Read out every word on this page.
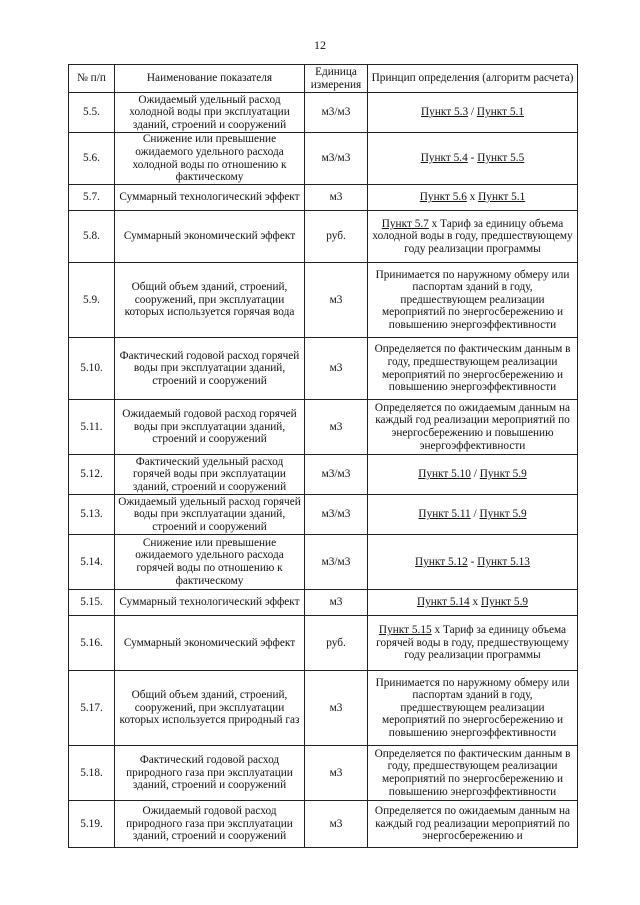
12
№ п/п	Наименование показателя	Единица измерения	Принцип определения (алгоритм расчета)
5.5.	Ожидаемый удельный расход холодной воды при эксплуатации зданий, строений и сооружений	м3/м3	Пункт 5.3 / Пункт 5.1
5.6.	Снижение или превышение ожидаемого удельного расхода холодной воды по отношению к фактическому	м3/м3	Пункт 5.4 - Пункт 5.5
5.7.	Суммарный технологический эффект	м3	Пункт 5.6 x Пункт 5.1
5.8.	Суммарный экономический эффект	руб.	Пункт 5.7 x Тариф за единицу объема холодной воды в году, предшествующему году реализации программы
5.9.	Общий объем зданий, строений, сооружений, при эксплуатации которых используется горячая вода	м3	Принимается по наружному обмеру или паспортам зданий в году, предшествующем реализации мероприятий по энергосбережению и повышению энергоэффективности
5.10.	Фактический годовой расход горячей воды при эксплуатации зданий, строений и сооружений	м3	Определяется по фактическим данным в году, предшествующем реализации мероприятий по энергосбережению и повышению энергоэффективности
5.11.	Ожидаемый годовой расход горячей воды при эксплуатации зданий, строений и сооружений	м3	Определяется по ожидаемым данным на каждый год реализации мероприятий по энергосбережению и повышению энергоэффективности
5.12.	Фактический удельный расход горячей воды при эксплуатации зданий, строений и сооружений	м3/м3	Пункт 5.10 / Пункт 5.9
5.13.	Ожидаемый удельный расход горячей воды при эксплуатации зданий, строений и сооружений	м3/м3	Пункт 5.11 / Пункт 5.9
5.14.	Снижение или превышение ожидаемого удельного расхода горячей воды по отношению к фактическому	м3/м3	Пункт 5.12 - Пункт 5.13
5.15.	Суммарный технологический эффект	м3	Пункт 5.14 x Пункт 5.9
5.16.	Суммарный экономический эффект	руб.	Пункт 5.15 x Тариф за единицу объема горячей воды в году, предшествующему году реализации программы
5.17.	Общий объем зданий, строений, сооружений, при эксплуатации которых используется природный газ	м3	Принимается по наружному обмеру или паспортам зданий в году, предшествующем реализации мероприятий по энергосбережению и повышению энергоэффективности
5.18.	Фактический годовой расход природного газа при эксплуатации зданий, строений и сооружений	м3	Определяется по фактическим данным в году, предшествующем реализации мероприятий по энергосбережению и повышению энергоэффективности
5.19.	Ожидаемый годовой расход природного газа при эксплуатации зданий, строений и сооружений	м3	Определяется по ожидаемым данным на каждый год реализации мероприятий по энергосбережению и
